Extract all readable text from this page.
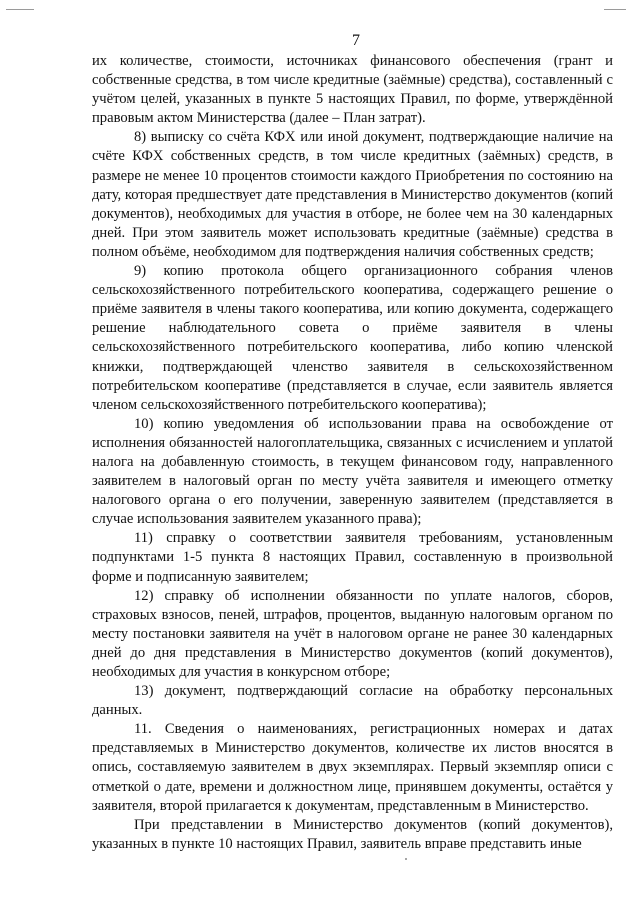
7

их количестве, стоимости, источниках финансового обеспечения (грант и собственные средства, в том числе кредитные (заёмные) средства), составленный с учётом целей, указанных в пункте 5 настоящих Правил, по форме, утверждённой правовым актом Министерства (далее – План затрат).

8) выписку со счёта КФХ или иной документ, подтверждающие наличие на счёте КФХ собственных средств, в том числе кредитных (заёмных) средств, в размере не менее 10 процентов стоимости каждого Приобретения по состоянию на дату, которая предшествует дате представления в Министерство документов (копий документов), необходимых для участия в отборе, не более чем на 30 календарных дней. При этом заявитель может использовать кредитные (заёмные) средства в полном объёме, необходимом для подтверждения наличия собственных средств;

9) копию протокола общего организационного собрания членов сельскохозяйственного потребительского кооператива, содержащего решение о приёме заявителя в члены такого кооператива, или копию документа, содержащего решение наблюдательного совета о приёме заявителя в члены сельскохозяйственного потребительского кооператива, либо копию членской книжки, подтверждающей членство заявителя в сельскохозяйственном потребительском кооперативе (представляется в случае, если заявитель является членом сельскохозяйственного потребительского кооператива);

10) копию уведомления об использовании права на освобождение от исполнения обязанностей налогоплательщика, связанных с исчислением и уплатой налога на добавленную стоимость, в текущем финансовом году, направленного заявителем в налоговый орган по месту учёта заявителя и имеющего отметку налогового органа о его получении, заверенную заявителем (представляется в случае использования заявителем указанного права);

11) справку о соответствии заявителя требованиям, установленным подпунктами 1-5 пункта 8 настоящих Правил, составленную в произвольной форме и подписанную заявителем;

12) справку об исполнении обязанности по уплате налогов, сборов, страховых взносов, пеней, штрафов, процентов, выданную налоговым органом по месту постановки заявителя на учёт в налоговом органе не ранее 30 календарных дней до дня представления в Министерство документов (копий документов), необходимых для участия в конкурсном отборе;

13) документ, подтверждающий согласие на обработку персональных данных.

11. Сведения о наименованиях, регистрационных номерах и датах представляемых в Министерство документов, количестве их листов вносятся в опись, составляемую заявителем в двух экземплярах. Первый экземпляр описи с отметкой о дате, времени и должностном лице, принявшем документы, остаётся у заявителя, второй прилагается к документам, представленным в Министерство.

При представлении в Министерство документов (копий документов), указанных в пункте 10 настоящих Правил, заявитель вправе представить иные
